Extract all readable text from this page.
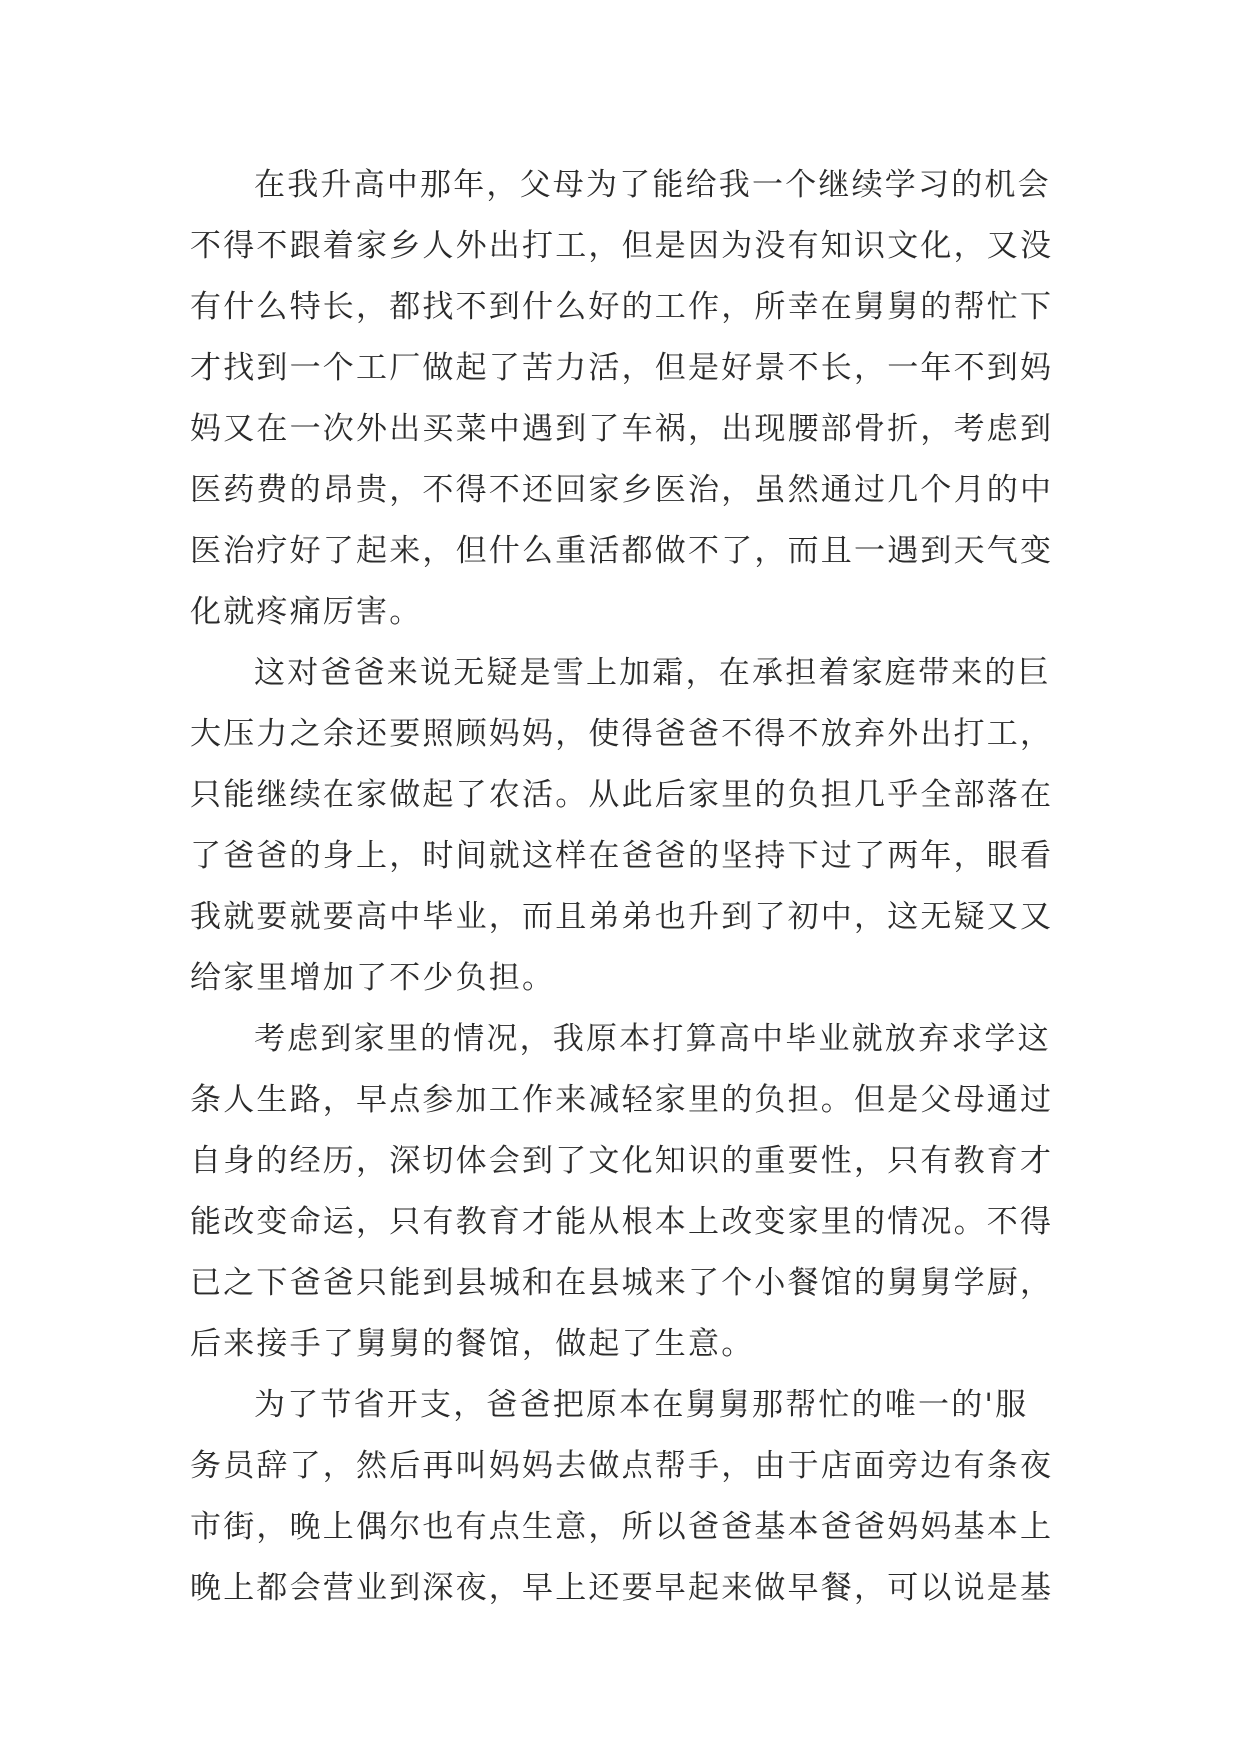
在我升高中那年，父母为了能给我一个继续学习的机会
不得不跟着家乡人外出打工，但是因为没有知识文化，又没
有什么特长，都找不到什么好的工作，所幸在舅舅的帮忙下
才找到一个工厂做起了苦力活，但是好景不长，一年不到妈
妈又在一次外出买菜中遇到了车祸，出现腰部骨折，考虑到
医药费的昂贵，不得不还回家乡医治，虽然通过几个月的中
医治疗好了起来，但什么重活都做不了，而且一遇到天气变
化就疼痛厉害。
这对爸爸来说无疑是雪上加霜，在承担着家庭带来的巨
大压力之余还要照顾妈妈，使得爸爸不得不放弃外出打工，
只能继续在家做起了农活。从此后家里的负担几乎全部落在
了爸爸的身上，时间就这样在爸爸的坚持下过了两年，眼看
我就要就要高中毕业，而且弟弟也升到了初中，这无疑又又
给家里增加了不少负担。
考虑到家里的情况，我原本打算高中毕业就放弃求学这
条人生路，早点参加工作来减轻家里的负担。但是父母通过
自身的经历，深切体会到了文化知识的重要性，只有教育才
能改变命运，只有教育才能从根本上改变家里的情况。不得
已之下爸爸只能到县城和在县城来了个小餐馆的舅舅学厨，
后来接手了舅舅的餐馆，做起了生意。
为了节省开支，爸爸把原本在舅舅那帮忙的唯一的'服
务员辞了，然后再叫妈妈去做点帮手，由于店面旁边有条夜
市街，晚上偶尔也有点生意，所以爸爸基本爸爸妈妈基本上
晚上都会营业到深夜，早上还要早起来做早餐，可以说是基
